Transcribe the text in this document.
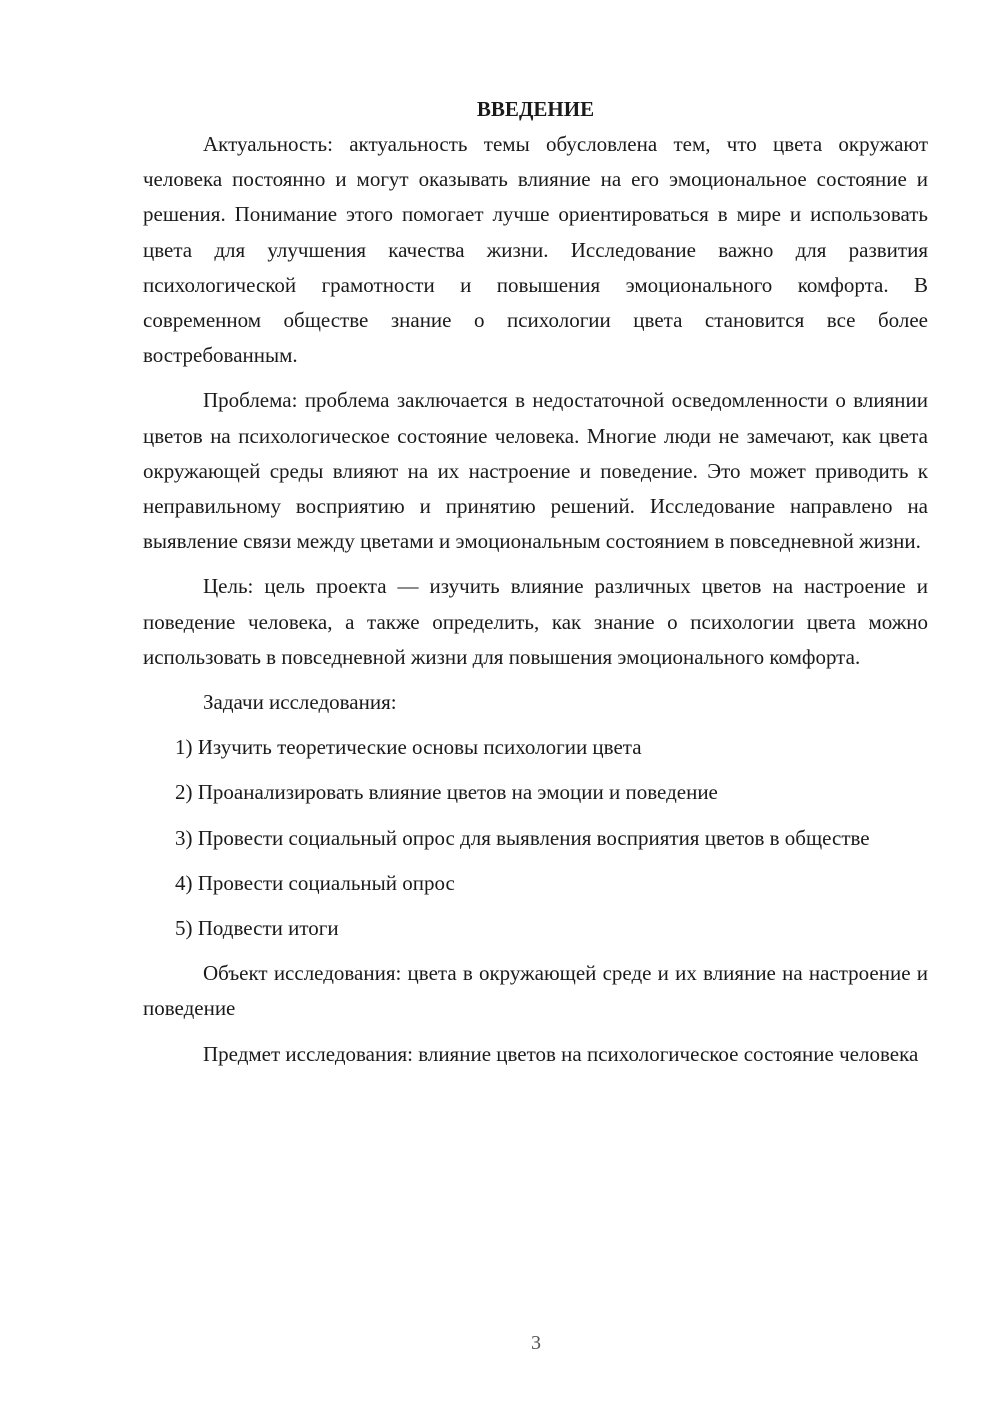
ВВЕДЕНИЕ

Актуальность: актуальность темы обусловлена тем, что цвета окружают человека постоянно и могут оказывать влияние на его эмоциональное состояние и решения. Понимание этого помогает лучше ориентироваться в мире и использовать цвета для улучшения качества жизни. Исследование важно для развития психологической грамотности и повышения эмоционального комфорта. В современном обществе знание о психологии цвета становится все более востребованным.

Проблема: проблема заключается в недостаточной осведомленности о влиянии цветов на психологическое состояние человека. Многие люди не замечают, как цвета окружающей среды влияют на их настроение и поведение. Это может приводить к неправильному восприятию и принятию решений. Исследование направлено на выявление связи между цветами и эмоциональным состоянием в повседневной жизни.

Цель: цель проекта — изучить влияние различных цветов на настроение и поведение человека, а также определить, как знание о психологии цвета можно использовать в повседневной жизни для повышения эмоционального комфорта.

Задачи исследования:

1) Изучить теоретические основы психологии цвета

2) Проанализировать влияние цветов на эмоции и поведение

3) Провести социальный опрос для выявления восприятия цветов в обществе

4) Провести социальный опрос

5) Подвести итоги

Объект исследования: цвета в окружающей среде и их влияние на настроение и поведение

Предмет исследования: влияние цветов на психологическое состояние человека

3
